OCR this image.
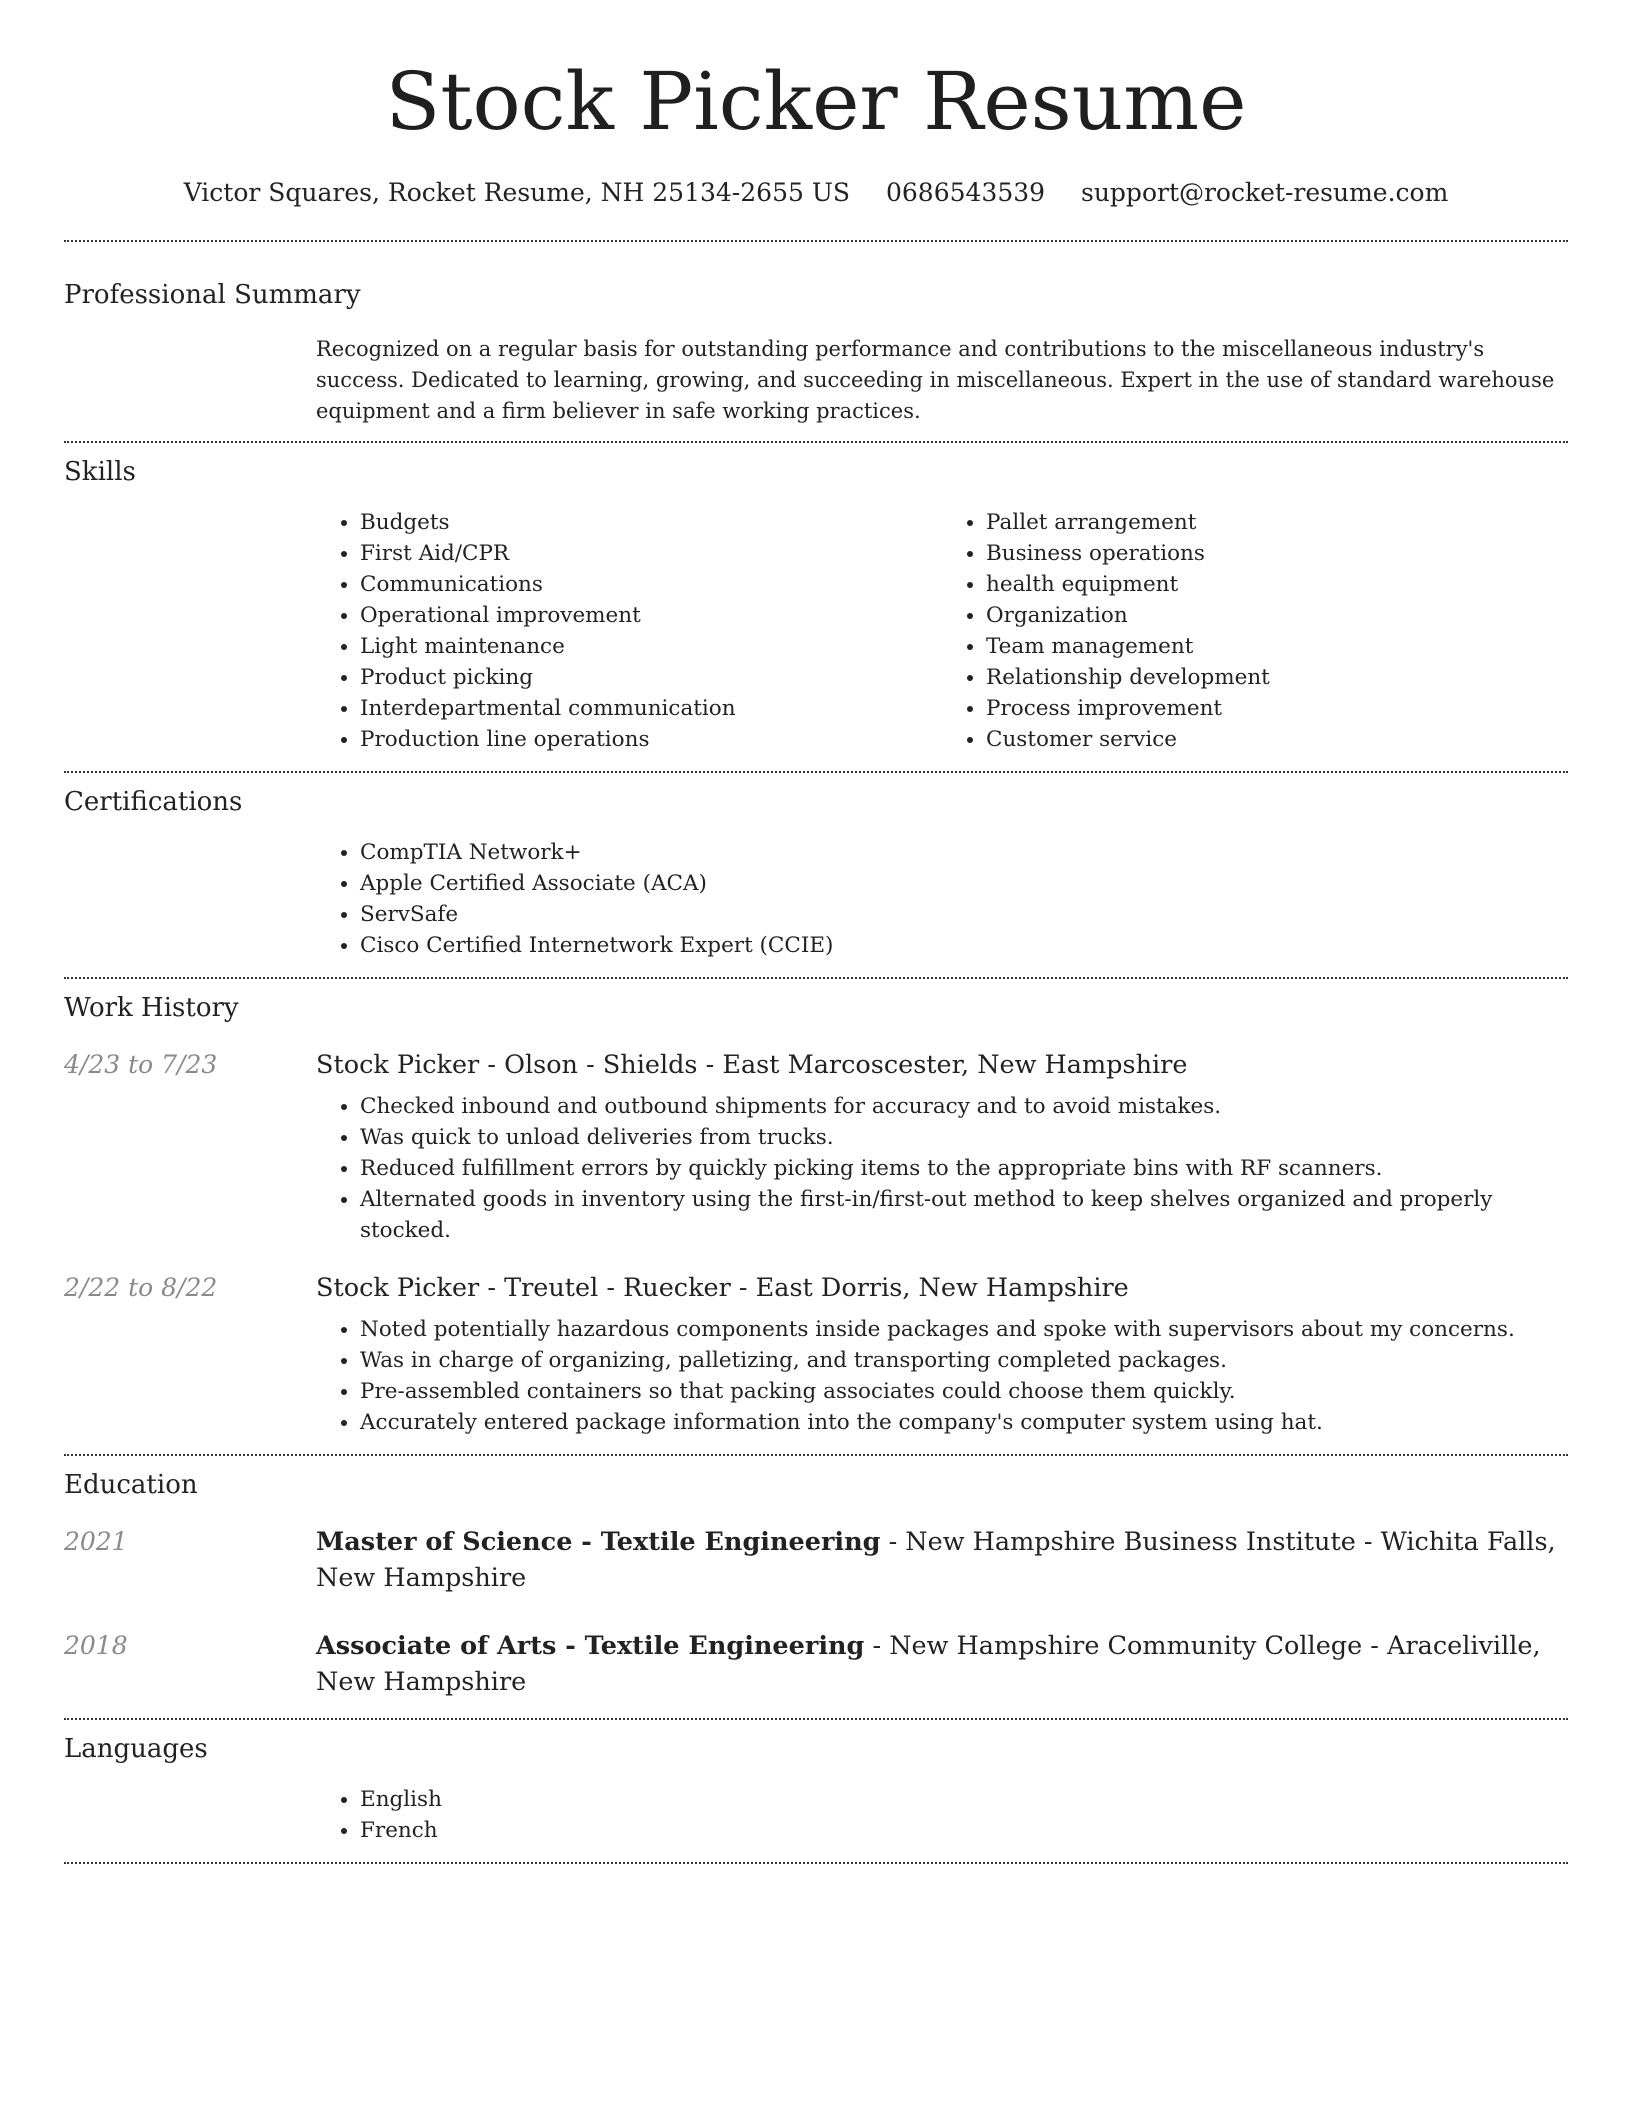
Stock Picker Resume
Victor Squares, Rocket Resume, NH 25134-2655 US 0686543539 support@rocket-resume.com
Professional Summary

Recognized on a regular basis for outstanding performance and contributions to the miscellaneous industry's success. Dedicated to learning, growing, and succeeding in miscellaneous. Expert in the use of standard warehouse equipment and a firm believer in safe working practices.

Skills
• Budgets
• First Aid/CPR
• Communications
• Operational improvement
• Light maintenance
• Product picking
• Interdepartmental communication
• Production line operations
• Pallet arrangement
• Business operations
• health equipment
• Organization
• Team management
• Relationship development
• Process improvement
• Customer service
Certifications
• CompTIA Network+
• Apple Certified Associate (ACA)
• ServSafe
• Cisco Certified Internetwork Expert (CCIE)
Work History
4/23 to 7/23	Stock Picker - Olson - Shields - East Marcoscester, New Hampshire
• Checked inbound and outbound shipments for accuracy and to avoid mistakes.
• Was quick to unload deliveries from trucks.
• Reduced fulfillment errors by quickly picking items to the appropriate bins with RF scanners.
• Alternated goods in inventory using the first-in/first-out method to keep shelves organized and properly stocked.
2/22 to 8/22	Stock Picker - Treutel - Ruecker - East Dorris, New Hampshire
• Noted potentially hazardous components inside packages and spoke with supervisors about my concerns.
• Was in charge of organizing, palletizing, and transporting completed packages.
• Pre-assembled containers so that packing associates could choose them quickly.
• Accurately entered package information into the company's computer system using hat.
Education
2021	Master of Science - Textile Engineering - New Hampshire Business Institute - Wichita Falls, New Hampshire
2018	Associate of Arts - Textile Engineering - New Hampshire Community College - Araceliville, New Hampshire
Languages
• English
• French
